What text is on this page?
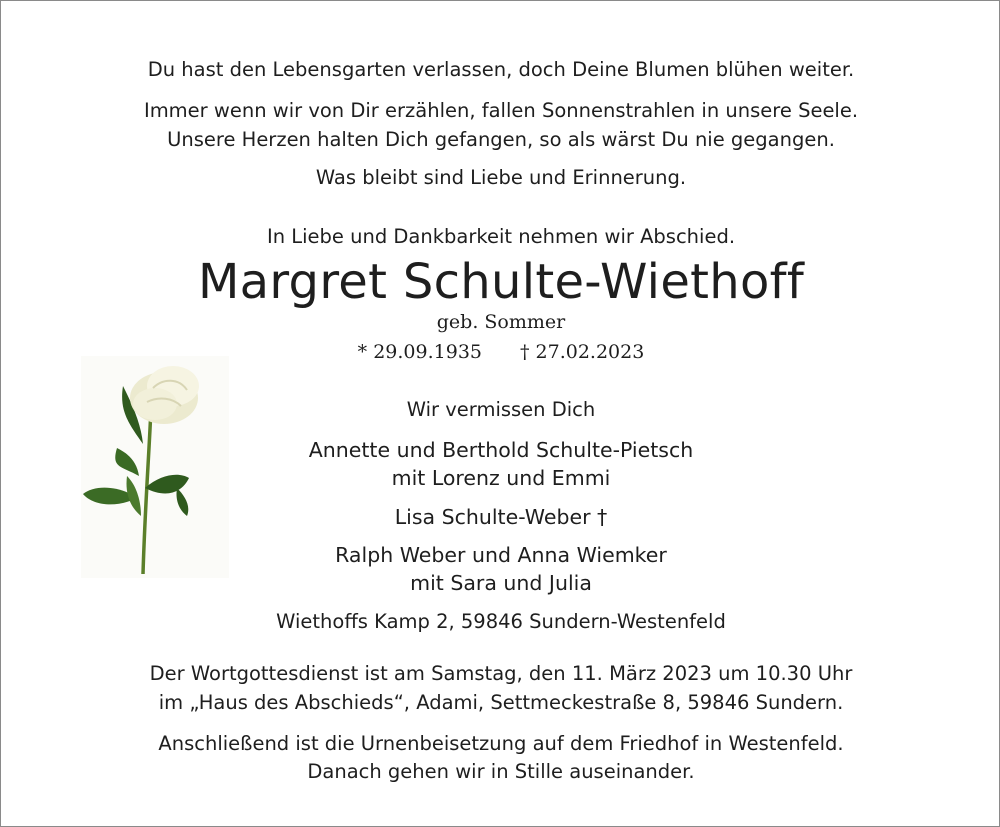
Du hast den Lebensgarten verlassen, doch Deine Blumen blühen weiter.
Immer wenn wir von Dir erzählen, fallen Sonnenstrahlen in unsere Seele.
Unsere Herzen halten Dich gefangen, so als wärst Du nie gegangen.
Was bleibt sind Liebe und Erinnerung.
In Liebe und Dankbarkeit nehmen wir Abschied.
Margret Schulte-Wiethoff
geb. Sommer
* 29.09.1935 † 27.02.2023
Wir vermissen Dich
Annette und Berthold Schulte-Pietsch
mit Lorenz und Emmi
Lisa Schulte-Weber †
Ralph Weber und Anna Wiemker
mit Sara und Julia
Wiethoffs Kamp 2, 59846 Sundern-Westenfeld
Der Wortgottesdienst ist am Samstag, den 11. März 2023 um 10.30 Uhr
im „Haus des Abschieds“, Adami, Settmeckestraße 8, 59846 Sundern.
Anschließend ist die Urnenbeisetzung auf dem Friedhof in Westenfeld.
Danach gehen wir in Stille auseinander.
